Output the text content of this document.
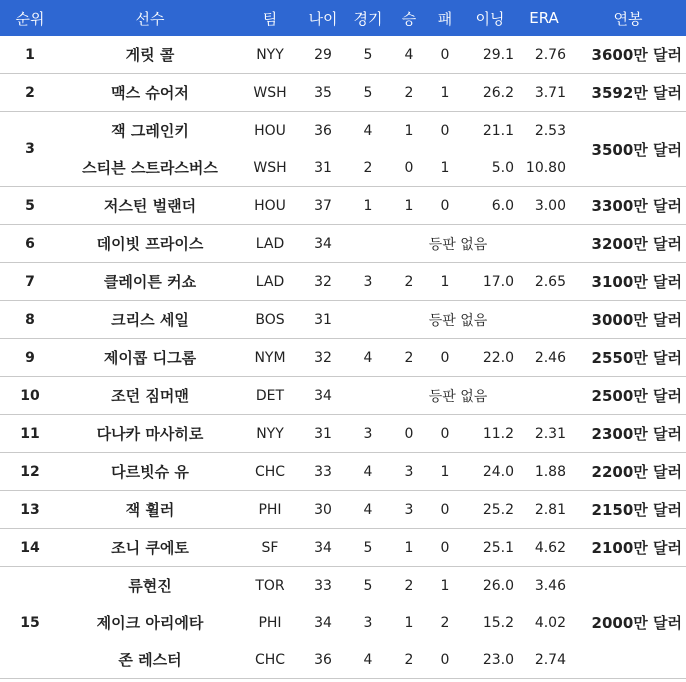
순위	선수	팀	나이	경기	승	패	이닝	ERA	연봉
1	게릿 콜	NYY	29	5	4	0	29.1	2.76	3600만 달러
2	맥스 슈어저	WSH	35	5	2	1	26.2	3.71	3592만 달러
3	잭 그레인키	HOU	36	4	1	0	21.1	2.53	3500만 달러
	스티븐 스트라스버스	WSH	31	2	0	1	5.0	10.80	
5	저스틴 벌랜더	HOU	37	1	1	0	6.0	3.00	3300만 달러
6	데이빗 프라이스	LAD	34	등판 없음					3200만 달러
7	클레이튼 커쇼	LAD	32	3	2	1	17.0	2.65	3100만 달러
8	크리스 세일	BOS	31	등판 없음					3000만 달러
9	제이콥 디그롬	NYM	32	4	2	0	22.0	2.46	2550만 달러
10	조던 짐머맨	DET	34	등판 없음					2500만 달러
11	다나카 마사히로	NYY	31	3	0	0	11.2	2.31	2300만 달러
12	다르빗슈 유	CHC	33	4	3	1	24.0	1.88	2200만 달러
13	잭 휠러	PHI	30	4	3	0	25.2	2.81	2150만 달러
14	조니 쿠에토	SF	34	5	1	0	25.1	4.62	2100만 달러
15	류현진	TOR	33	5	2	1	26.0	3.46	2000만 달러
	제이크 아리에타	PHI	34	3	1	2	15.2	4.02	
	존 레스터	CHC	36	4	2	0	23.0	2.74	
